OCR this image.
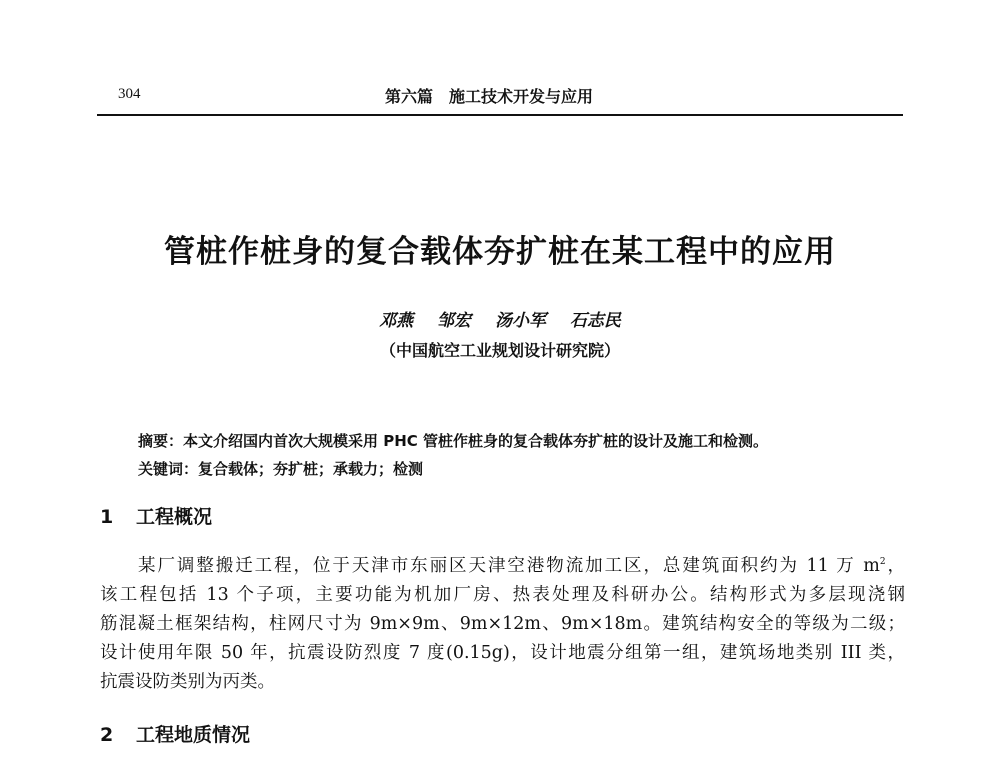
304	第六篇　施工技术开发与应用
管桩作桩身的复合载体夯扩桩在某工程中的应用
邓燕 邹宏 汤小军 石志民
（中国航空工业规划设计研究院）
摘要：本文介绍国内首次大规模采用 PHC 管桩作桩身的复合载体夯扩桩的设计及施工和检测。
关键词：复合载体；夯扩桩；承载力；检测
1 工程概况
某厂调整搬迁工程，位于天津市东丽区天津空港物流加工区，总建筑面积约为 11 万 $m^2$，
该工程包括 13 个子项，主要功能为机加厂房、热表处理及科研办公。结构形式为多层现浇钢
筋混凝土框架结构，柱网尺寸为 9m×9m、9m×12m、9m×18m。建筑结构安全的等级为二级；
设计使用年限 50 年，抗震设防烈度 7 度(0.15g)，设计地震分组第一组，建筑场地类别 III 类，
抗震设防类别为丙类。
2 工程地质情况
